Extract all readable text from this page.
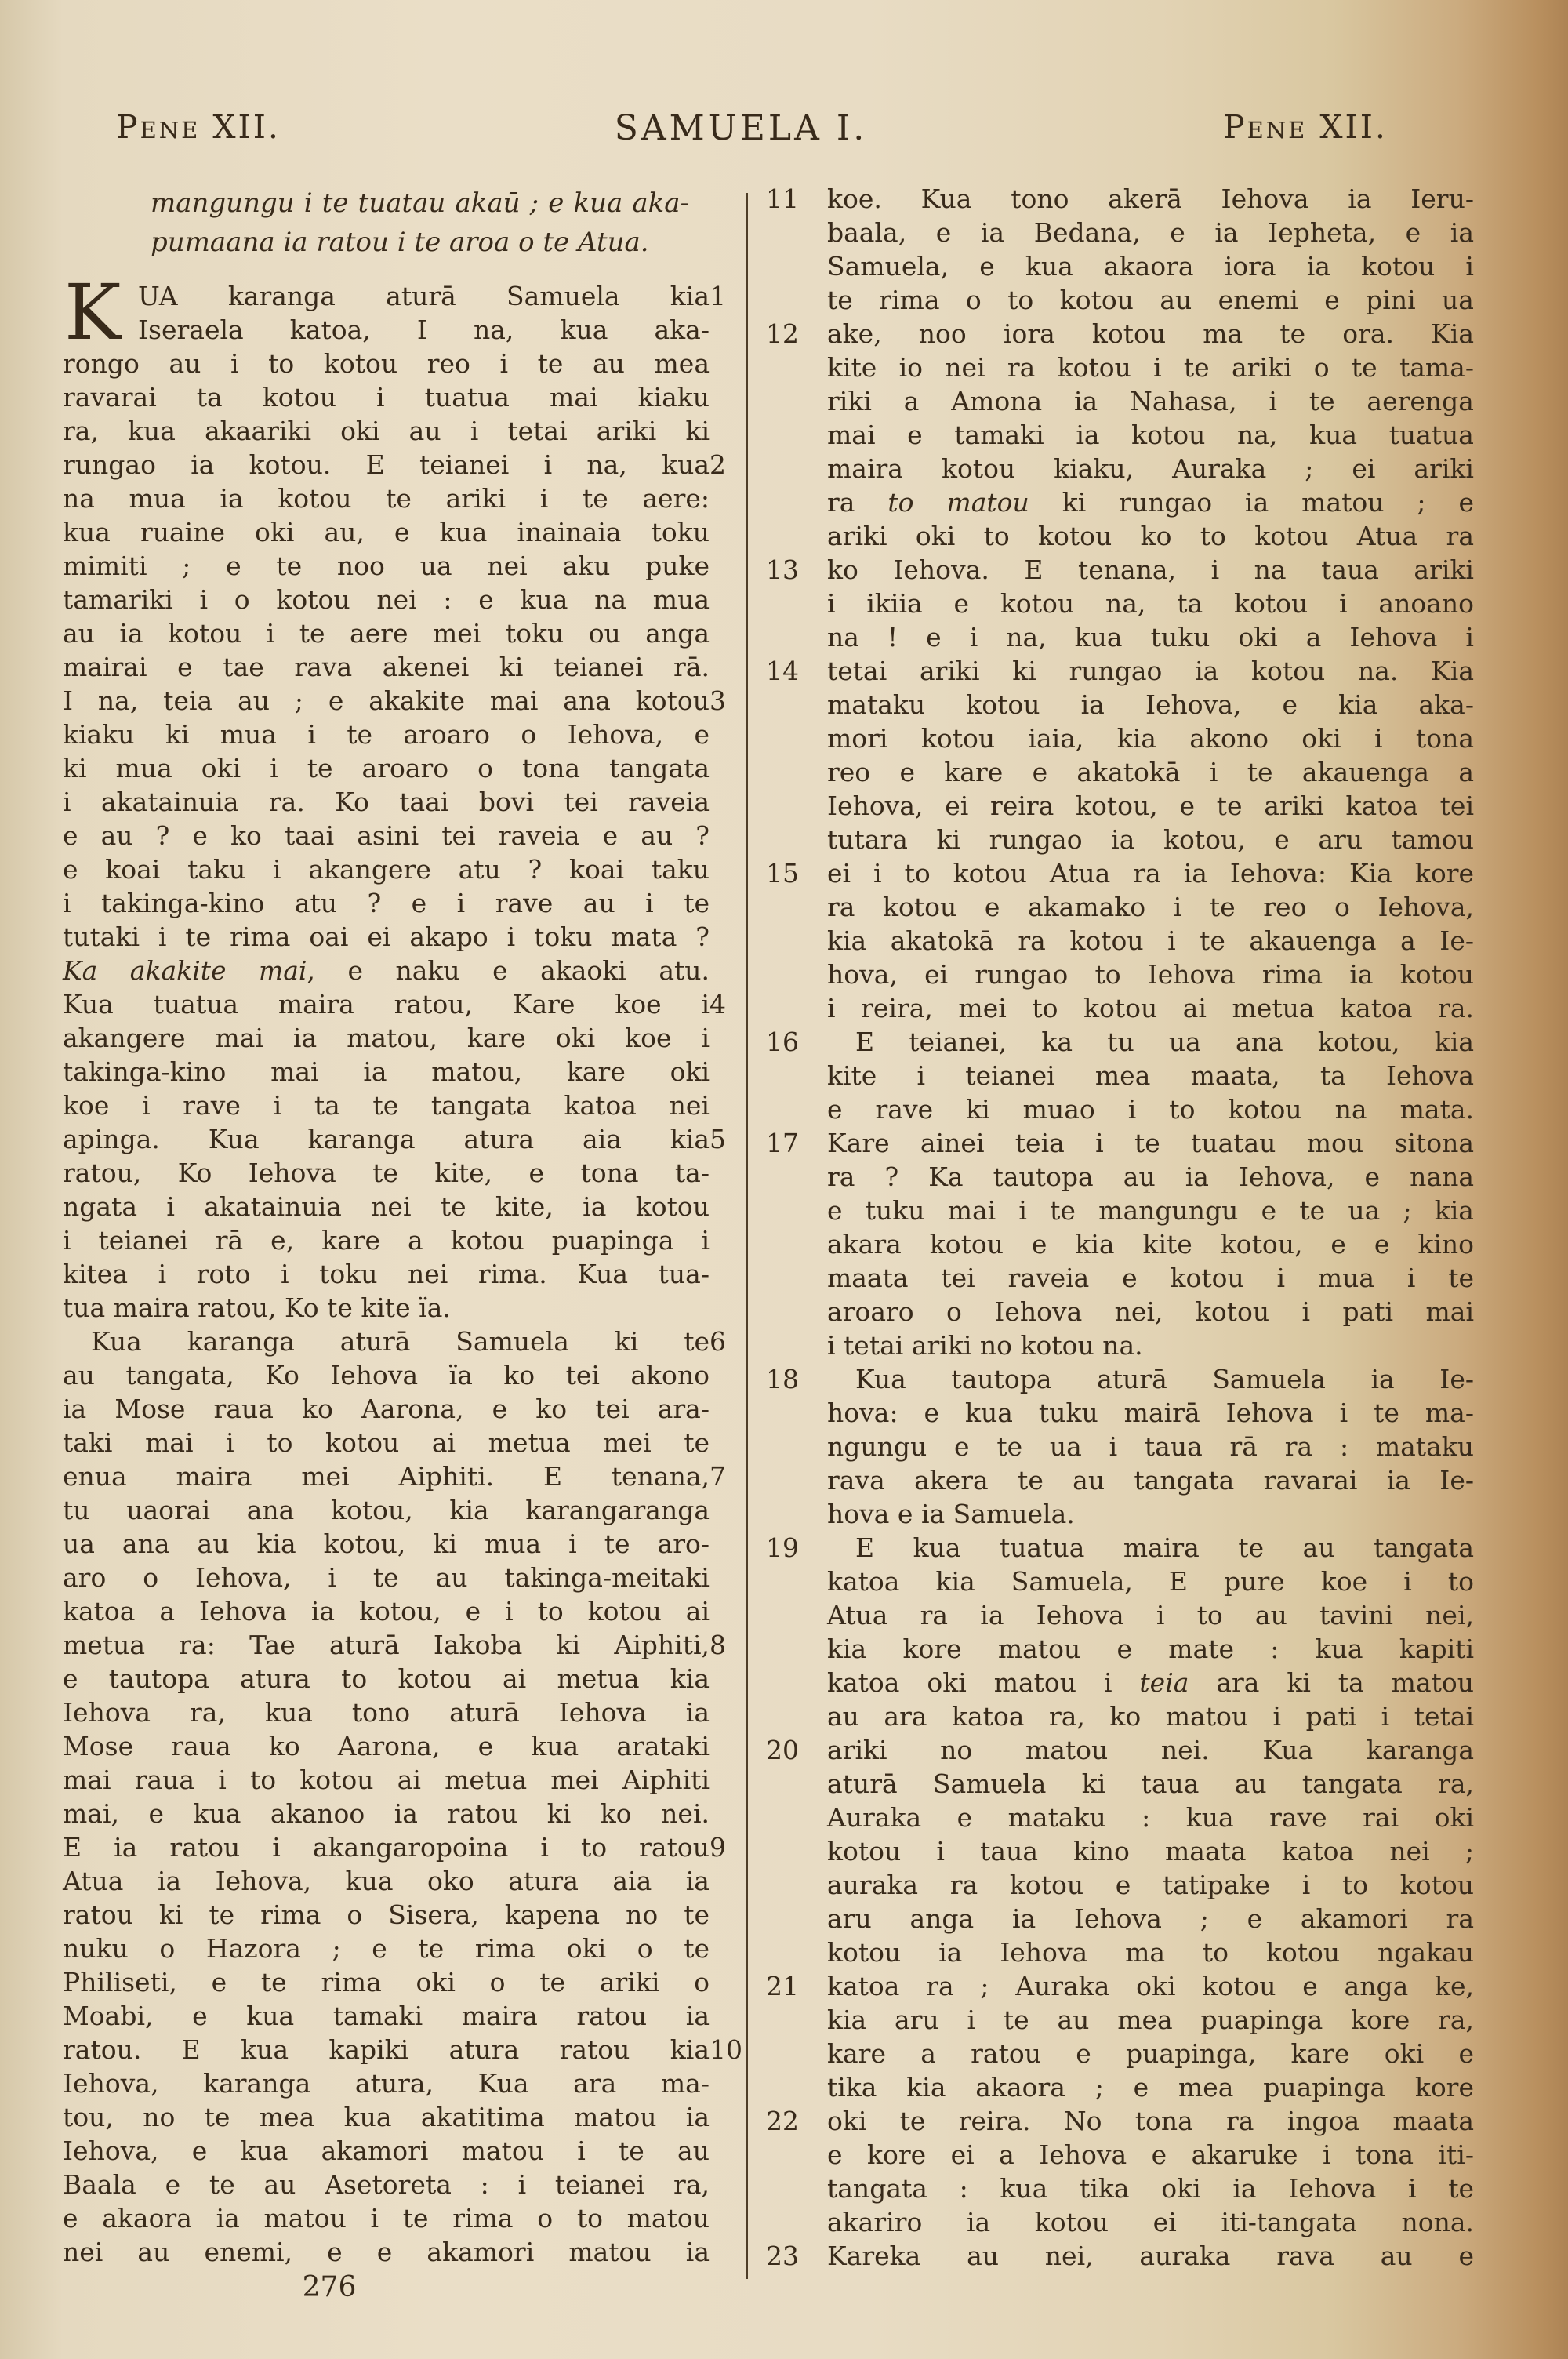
Pene XII.	SAMUELA I.	Pene XII.
mangungu i te tuatau akaū ; e kua aka-
pumaana ia ratou i te aroa o te Atua.
1
K UA karanga aturā Samuela kia
Iseraela katoa, I na, kua aka-
rongo au i to kotou reo i te au mea
ravarai ta kotou i tuatua mai kiaku
ra, kua akaariki oki au i tetai ariki ki
2
rungao ia kotou. E teianei i na, kua
na mua ia kotou te ariki i te aere:
kua ruaine oki au, e kua inainaia toku
mimiti ; e te noo ua nei aku puke
tamariki i o kotou nei : e kua na mua
au ia kotou i te aere mei toku ou anga
mairai e tae rava akenei ki teianei rā.
3
I na, teia au ; e akakite mai ana kotou
kiaku ki mua i te aroaro o Iehova, e
ki mua oki i te aroaro o tona tangata
i akatainuia ra. Ko taai bovi tei raveia
e au ? e ko taai asini tei raveia e au ?
e koai taku i akangere atu ? koai taku
i takinga-kino atu ? e i rave au i te
tutaki i te rima oai ei akapo i toku mata ?
Ka akakite mai, e naku e akaoki atu.
4
Kua tuatua maira ratou, Kare koe i
akangere mai ia matou, kare oki koe i
takinga-kino mai ia matou, kare oki
koe i rave i ta te tangata katoa nei
5
apinga. Kua karanga atura aia kia
ratou, Ko Iehova te kite, e tona ta-
ngata i akatainuia nei te kite, ia kotou
i teianei rā e, kare a kotou puapinga i
kitea i roto i toku nei rima. Kua tua-
tua maira ratou, Ko te kite ïa.
6
Kua karanga aturā Samuela ki te
au tangata, Ko Iehova ïa ko tei akono
ia Mose raua ko Aarona, e ko tei ara-
taki mai i to kotou ai metua mei te
7
enua maira mei Aiphiti. E tenana,
tu uaorai ana kotou, kia karangaranga
ua ana au kia kotou, ki mua i te aro-
aro o Iehova, i te au takinga-meitaki
katoa a Iehova ia kotou, e i to kotou ai
8
metua ra: Tae aturā Iakoba ki Aiphiti,
e tautopa atura to kotou ai metua kia
Iehova ra, kua tono aturā Iehova ia
Mose raua ko Aarona, e kua arataki
mai raua i to kotou ai metua mei Aiphiti
mai, e kua akanoo ia ratou ki ko nei.
9
E ia ratou i akangaropoina i to ratou
Atua ia Iehova, kua oko atura aia ia
ratou ki te rima o Sisera, kapena no te
nuku o Hazora ; e te rima oki o te
Philiseti, e te rima oki o te ariki o
Moabi, e kua tamaki maira ratou ia
10
ratou. E kua kapiki atura ratou kia
Iehova, karanga atura, Kua ara ma-
tou, no te mea kua akatitima matou ia
Iehova, e kua akamori matou i te au
Baala e te au Asetoreta : i teianei ra,
e akaora ia matou i te rima o to matou
nei au enemi, e e akamori matou ia
276
11	koe. Kua tono akerā Iehova ia Ieru-
baala, e ia Bedana, e ia Iepheta, e ia
Samuela, e kua akaora iora ia kotou i
te rima o to kotou au enemi e pini ua
12	ake, noo iora kotou ma te ora. Kia
kite io nei ra kotou i te ariki o te tama-
riki a Amona ia Nahasa, i te aerenga
mai e tamaki ia kotou na, kua tuatua
maira kotou kiaku, Auraka ; ei ariki
ra to matou ki rungao ia matou ; e
ariki oki to kotou ko to kotou Atua ra
13	ko Iehova. E tenana, i na taua ariki
i ikiia e kotou na, ta kotou i anoano
na ! e i na, kua tuku oki a Iehova i
14	tetai ariki ki rungao ia kotou na. Kia
mataku kotou ia Iehova, e kia aka-
mori kotou iaia, kia akono oki i tona
reo e kare e akatokā i te akauenga a
Iehova, ei reira kotou, e te ariki katoa tei
tutara ki rungao ia kotou, e aru tamou
15	ei i to kotou Atua ra ia Iehova: Kia kore
ra kotou e akamako i te reo o Iehova,
kia akatokā ra kotou i te akauenga a Ie-
hova, ei rungao to Iehova rima ia kotou
i reira, mei to kotou ai metua katoa ra.
16	E teianei, ka tu ua ana kotou, kia
kite i teianei mea maata, ta Iehova
e rave ki muao i to kotou na mata.
17	Kare ainei teia i te tuatau mou sitona
ra ? Ka tautopa au ia Iehova, e nana
e tuku mai i te mangungu e te ua ; kia
akara kotou e kia kite kotou, e e kino
maata tei raveia e kotou i mua i te
aroaro o Iehova nei, kotou i pati mai
i tetai ariki no kotou na.
18	Kua tautopa aturā Samuela ia Ie-
hova: e kua tuku mairā Iehova i te ma-
ngungu e te ua i taua rā ra : mataku
rava akera te au tangata ravarai ia Ie-
hova e ia Samuela.
19	E kua tuatua maira te au tangata
katoa kia Samuela, E pure koe i to
Atua ra ia Iehova i to au tavini nei,
kia kore matou e mate : kua kapiti
katoa oki matou i teia ara ki ta matou
au ara katoa ra, ko matou i pati i tetai
20	ariki no matou nei. Kua karanga
aturā Samuela ki taua au tangata ra,
Auraka e mataku : kua rave rai oki
kotou i taua kino maata katoa nei ;
auraka ra kotou e tatipake i to kotou
aru anga ia Iehova ; e akamori ra
kotou ia Iehova ma to kotou ngakau
21	katoa ra ; Auraka oki kotou e anga ke,
kia aru i te au mea puapinga kore ra,
kare a ratou e puapinga, kare oki e
tika kia akaora ; e mea puapinga kore
22	oki te reira. No tona ra ingoa maata
e kore ei a Iehova e akaruke i tona iti-
tangata : kua tika oki ia Iehova i te
akariro ia kotou ei iti-tangata nona.
23	Kareka au nei, auraka rava au e
